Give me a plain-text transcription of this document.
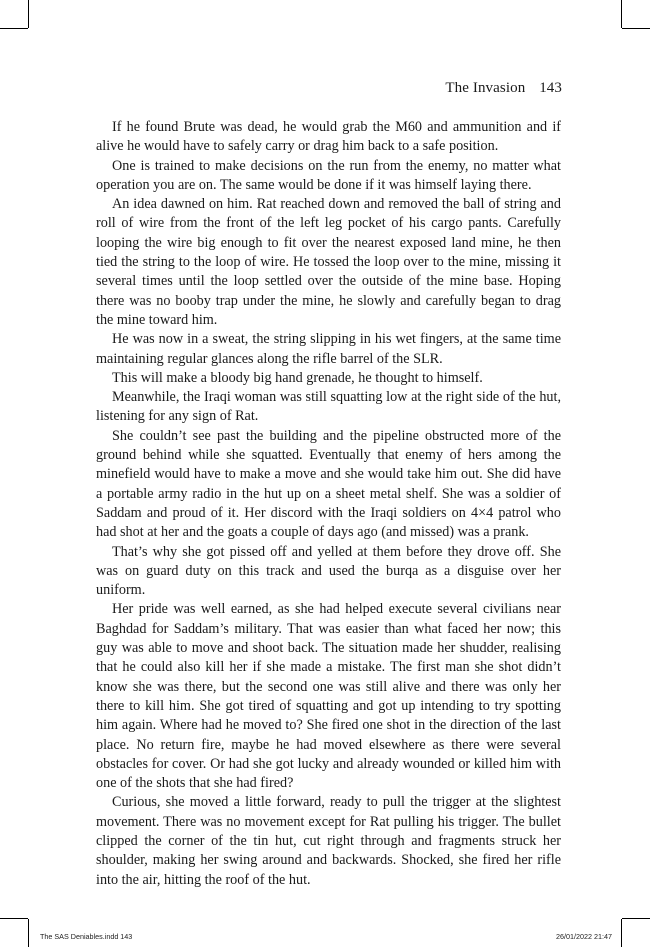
The Invasion 143

If he found Brute was dead, he would grab the M60 and ammunition and if alive he would have to safely carry or drag him back to a safe position.

One is trained to make decisions on the run from the enemy, no matter what operation you are on. The same would be done if it was himself laying there.

An idea dawned on him. Rat reached down and removed the ball of string and roll of wire from the front of the left leg pocket of his cargo pants. Carefully looping the wire big enough to fit over the nearest exposed land mine, he then tied the string to the loop of wire. He tossed the loop over to the mine, missing it several times until the loop settled over the outside of the mine base. Hoping there was no booby trap under the mine, he slowly and carefully began to drag the mine toward him.

He was now in a sweat, the string slipping in his wet fingers, at the same time maintaining regular glances along the rifle barrel of the SLR.

This will make a bloody big hand grenade, he thought to himself.

Meanwhile, the Iraqi woman was still squatting low at the right side of the hut, listening for any sign of Rat.

She couldn’t see past the building and the pipeline obstructed more of the ground behind while she squatted. Eventually that enemy of hers among the minefield would have to make a move and she would take him out. She did have a portable army radio in the hut up on a sheet metal shelf. She was a soldier of Saddam and proud of it. Her discord with the Iraqi soldiers on 4×4 patrol who had shot at her and the goats a couple of days ago (and missed) was a prank.

That’s why she got pissed off and yelled at them before they drove off. She was on guard duty on this track and used the burqa as a disguise over her uniform.

Her pride was well earned, as she had helped execute several civilians near Baghdad for Saddam’s military. That was easier than what faced her now; this guy was able to move and shoot back. The situation made her shudder, realising that he could also kill her if she made a mistake. The first man she shot didn’t know she was there, but the second one was still alive and there was only her there to kill him. She got tired of squatting and got up intending to try spotting him again. Where had he moved to? She fired one shot in the direction of the last place. No return fire, maybe he had moved elsewhere as there were several obstacles for cover. Or had she got lucky and already wounded or killed him with one of the shots that she had fired?

Curious, she moved a little forward, ready to pull the trigger at the slightest movement. There was no movement except for Rat pulling his trigger. The bullet clipped the corner of the tin hut, cut right through and fragments struck her shoulder, making her swing around and backwards. Shocked, she fired her rifle into the air, hitting the roof of the hut.

The SAS Deniables.indd 143	26/01/2022 21:47
